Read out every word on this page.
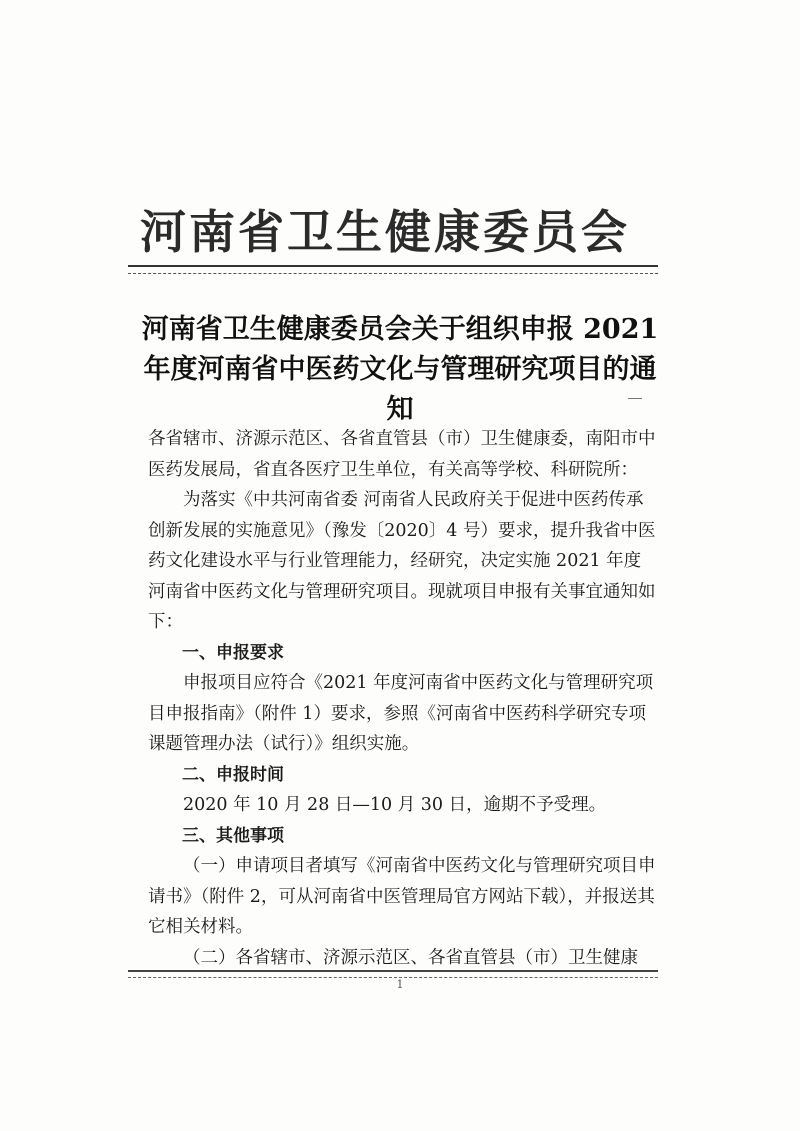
河南省卫生健康委员会
河南省卫生健康委员会关于组织申报 2021 年度河南省中医药文化与管理研究项目的通知

各省辖市、济源示范区、各省直管县（市）卫生健康委，南阳市中医药发展局，省直各医疗卫生单位，有关高等学校、科研院所：

为落实《中共河南省委 河南省人民政府关于促进中医药传承创新发展的实施意见》（豫发〔2020〕4 号）要求，提升我省中医药文化建设水平与行业管理能力，经研究，决定实施 2021 年度河南省中医药文化与管理研究项目。现就项目申报有关事宜通知如下：

一、申报要求

申报项目应符合《2021 年度河南省中医药文化与管理研究项目申报指南》（附件 1）要求，参照《河南省中医药科学研究专项课题管理办法（试行）》组织实施。

二、申报时间

2020 年 10 月 28 日—10 月 30 日，逾期不予受理。

三、其他事项

（一）申请项目者填写《河南省中医药文化与管理研究项目申请书》（附件 2，可从河南省中医管理局官方网站下载），并报送其它相关材料。

（二）各省辖市、济源示范区、各省直管县（市）卫生健康

1
